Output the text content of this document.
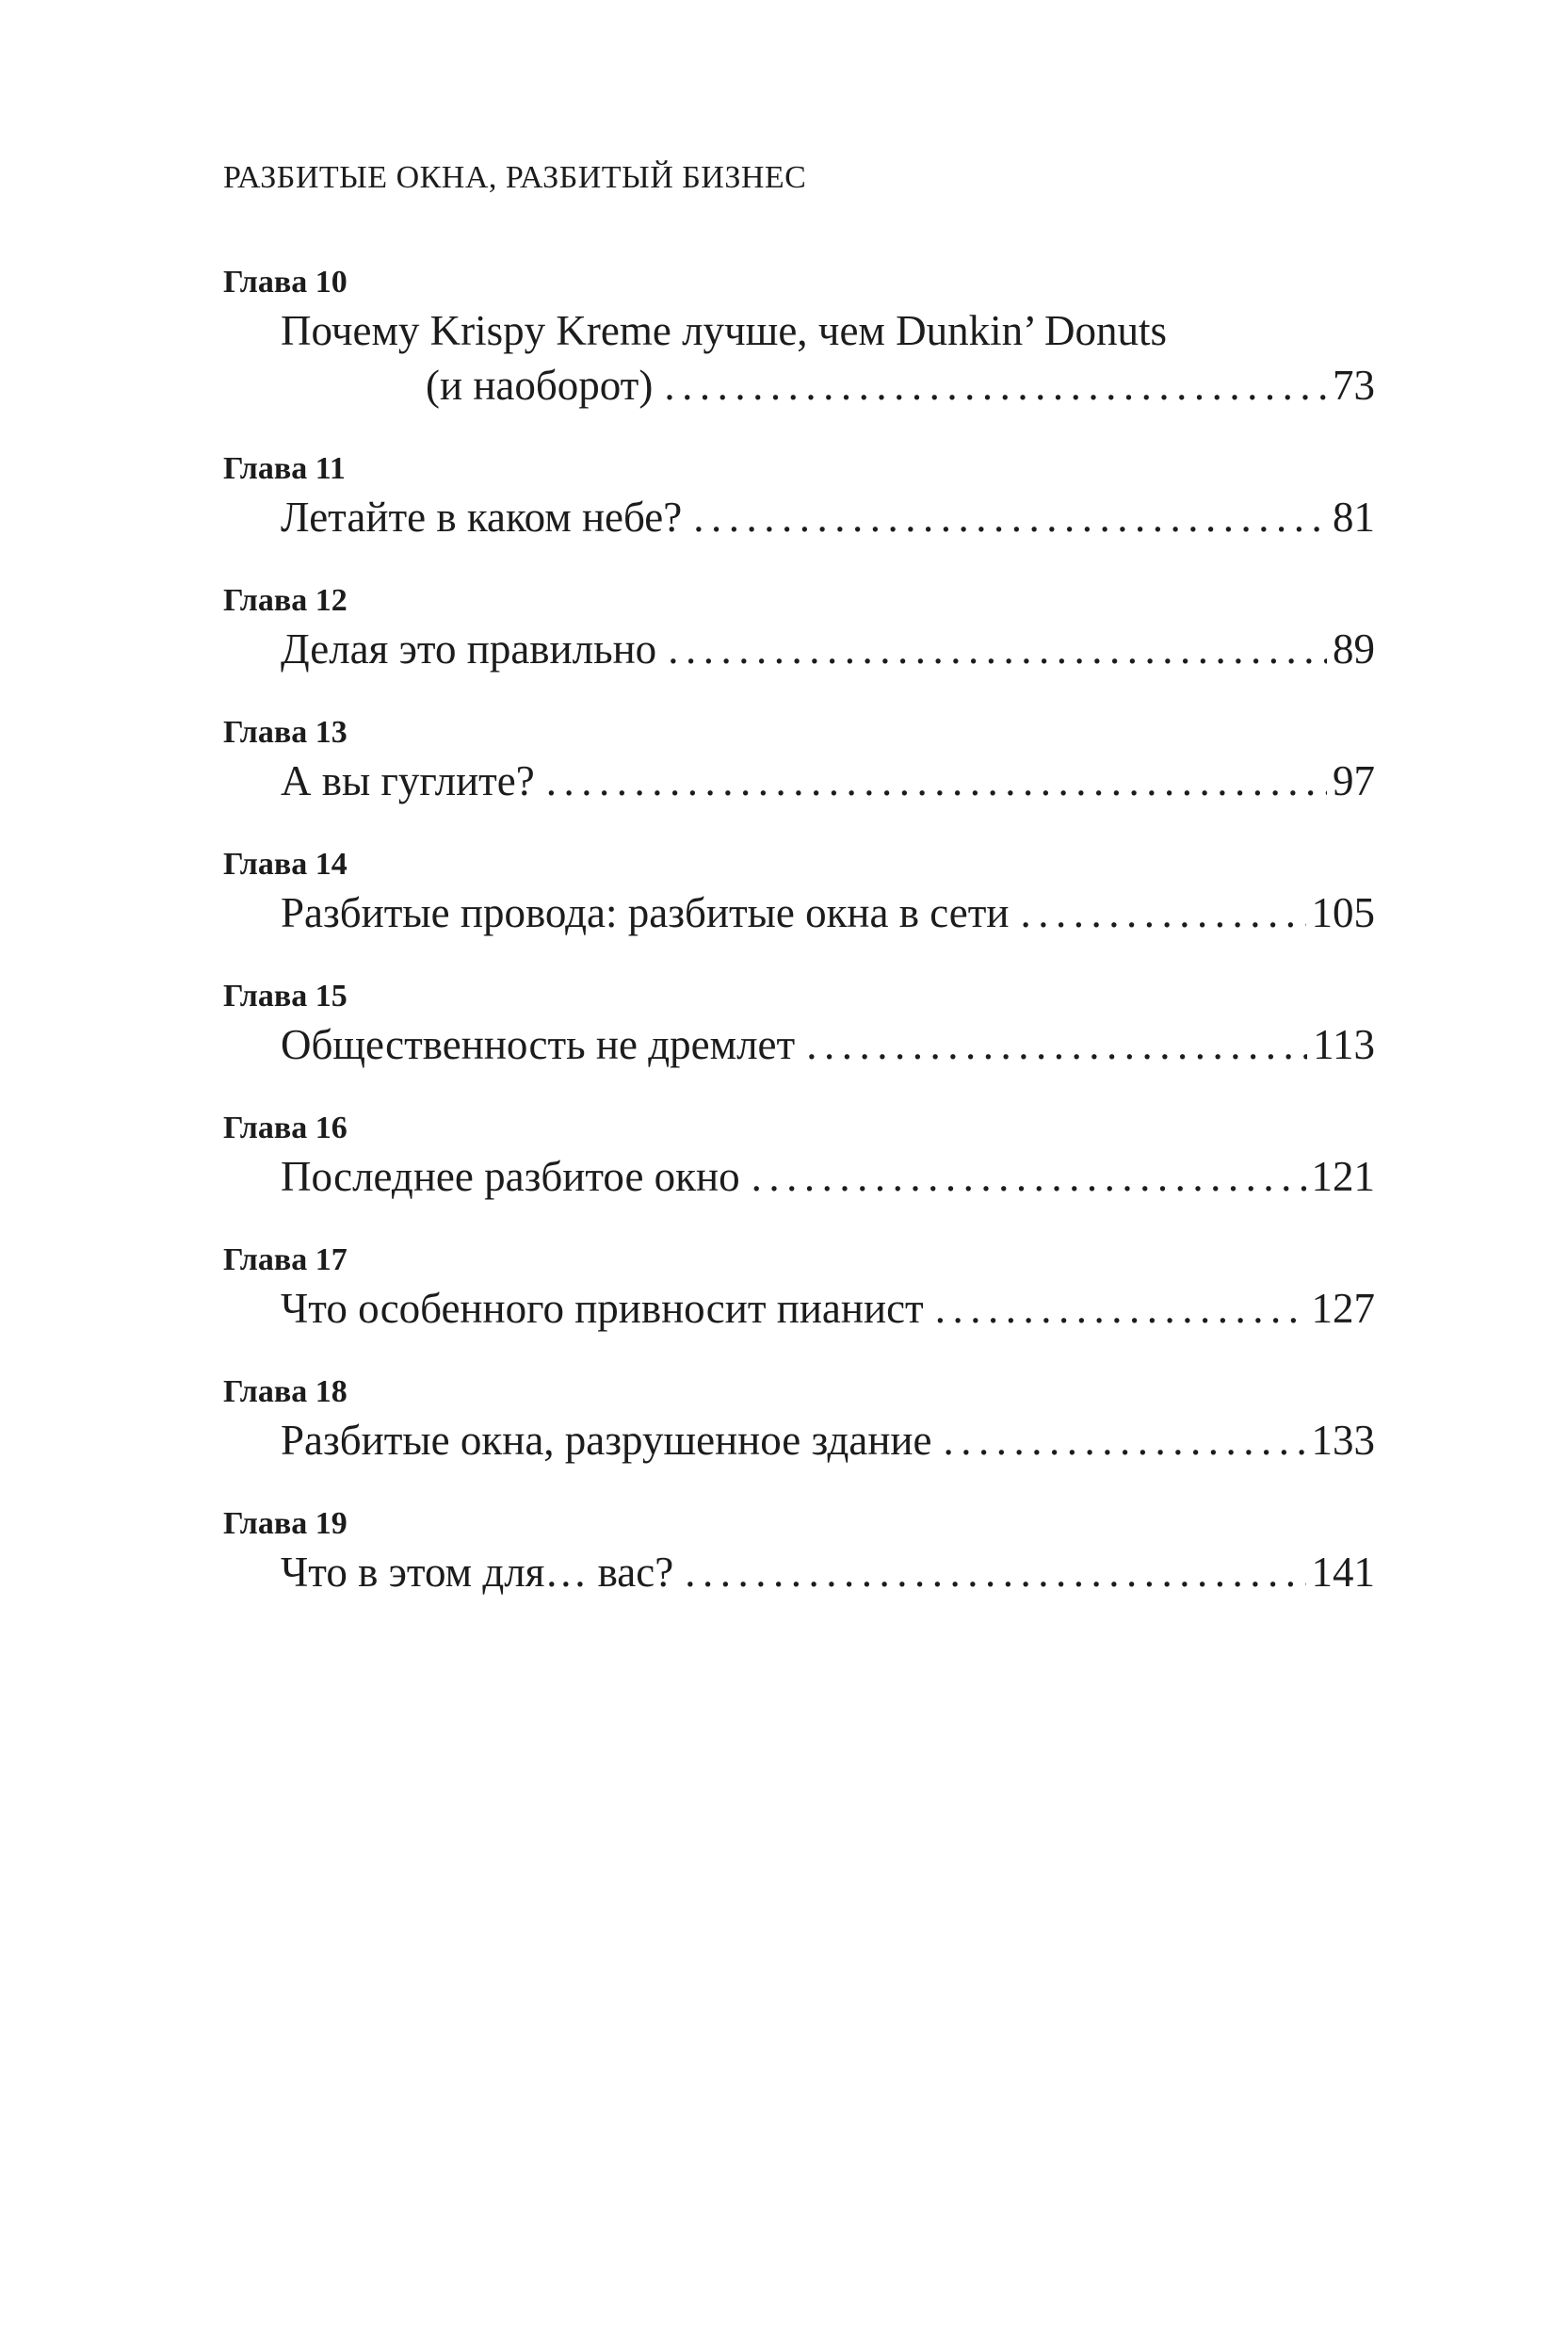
РАЗБИТЫЕ ОКНА, РАЗБИТЫЙ БИЗНЕС
Глава 10
Почему Krispy Kreme лучше, чем Dunkin’ Donuts
(и наоборот) .....	73
Глава 11
Летайте в каком небе? .....	81
Глава 12
Делая это правильно .....	89
Глава 13
А вы гуглите? .....	97
Глава 14
Разбитые провода: разбитые окна в сети .....	105
Глава 15
Общественность не дремлет .....	113
Глава 16
Последнее разбитое окно .....	121
Глава 17
Что особенного привносит пианист .....	127
Глава 18
Разбитые окна, разрушенное здание .....	133
Глава 19
Что в этом для… вас? .....	141
